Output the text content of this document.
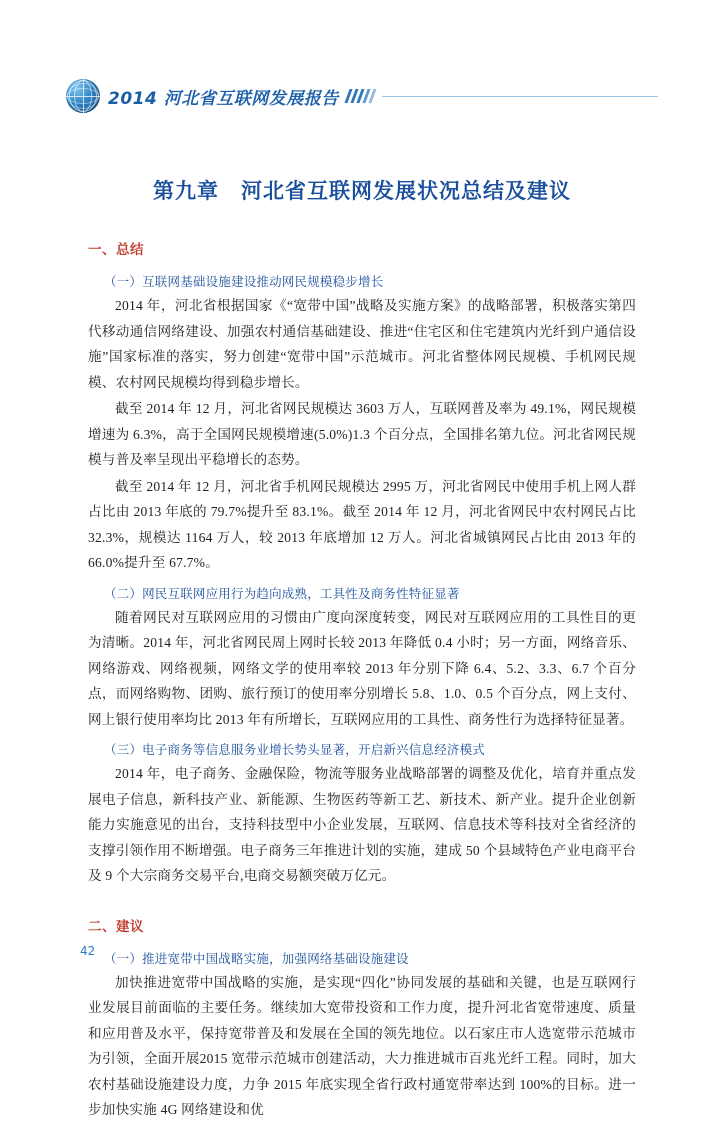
2014 河北省互联网发展报告
第九章 河北省互联网发展状况总结及建议
一、总结
（一）互联网基础设施建设推动网民规模稳步增长

2014 年，河北省根据国家《“宽带中国”战略及实施方案》的战略部署，积极落实第四代移动通信网络建设、加强农村通信基础建设、推进“住宅区和住宅建筑内光纤到户通信设施”国家标准的落实，努力创建“宽带中国”示范城市。河北省整体网民规模、手机网民规模、农村网民规模均得到稳步增长。

截至 2014 年 12 月，河北省网民规模达 3603 万人，互联网普及率为 49.1%，网民规模增速为 6.3%，高于全国网民规模增速(5.0%)1.3 个百分点，全国排名第九位。河北省网民规模与普及率呈现出平稳增长的态势。

截至 2014 年 12 月，河北省手机网民规模达 2995 万，河北省网民中使用手机上网人群占比由 2013 年底的 79.7%提升至 83.1%。截至 2014 年 12 月，河北省网民中农村网民占比 32.3%，规模达 1164 万人，较 2013 年底增加 12 万人。河北省城镇网民占比由 2013 年的 66.0%提升至 67.7%。

（二）网民互联网应用行为趋向成熟，工具性及商务性特征显著

随着网民对互联网应用的习惯由广度向深度转变，网民对互联网应用的工具性目的更为清晰。2014 年，河北省网民周上网时长较 2013 年降低 0.4 小时；另一方面，网络音乐、网络游戏、网络视频，网络文学的使用率较 2013 年分别下降 6.4、5.2、3.3、6.7 个百分点，而网络购物、团购、旅行预订的使用率分别增长 5.8、1.0、0.5 个百分点，网上支付、网上银行使用率均比 2013 年有所增长，互联网应用的工具性、商务性行为选择特征显著。

（三）电子商务等信息服务业增长势头显著，开启新兴信息经济模式

2014 年，电子商务、金融保险，物流等服务业战略部署的调整及优化，培育并重点发展电子信息，新科技产业、新能源、生物医药等新工艺、新技术、新产业。提升企业创新能力实施意见的出台，支持科技型中小企业发展，互联网、信息技术等科技对全省经济的支撑引领作用不断增强。电子商务三年推进计划的实施，建成 50 个县域特色产业电商平台及 9 个大宗商务交易平台,电商交易额突破万亿元。

二、建议
（一）推进宽带中国战略实施，加强网络基础设施建设

加快推进宽带中国战略的实施，是实现“四化”协同发展的基础和关键，也是互联网行业发展目前面临的主要任务。继续加大宽带投资和工作力度，提升河北省宽带速度、质量和应用普及水平，保持宽带普及和发展在全国的领先地位。以石家庄市人选宽带示范城市为引领，全面开展2015 宽带示范城市创建活动，大力推进城市百兆光纤工程。同时，加大农村基础设施建设力度，力争 2015 年底实现全省行政村通宽带率达到 100%的目标。进一步加快实施 4G 网络建设和优

42
